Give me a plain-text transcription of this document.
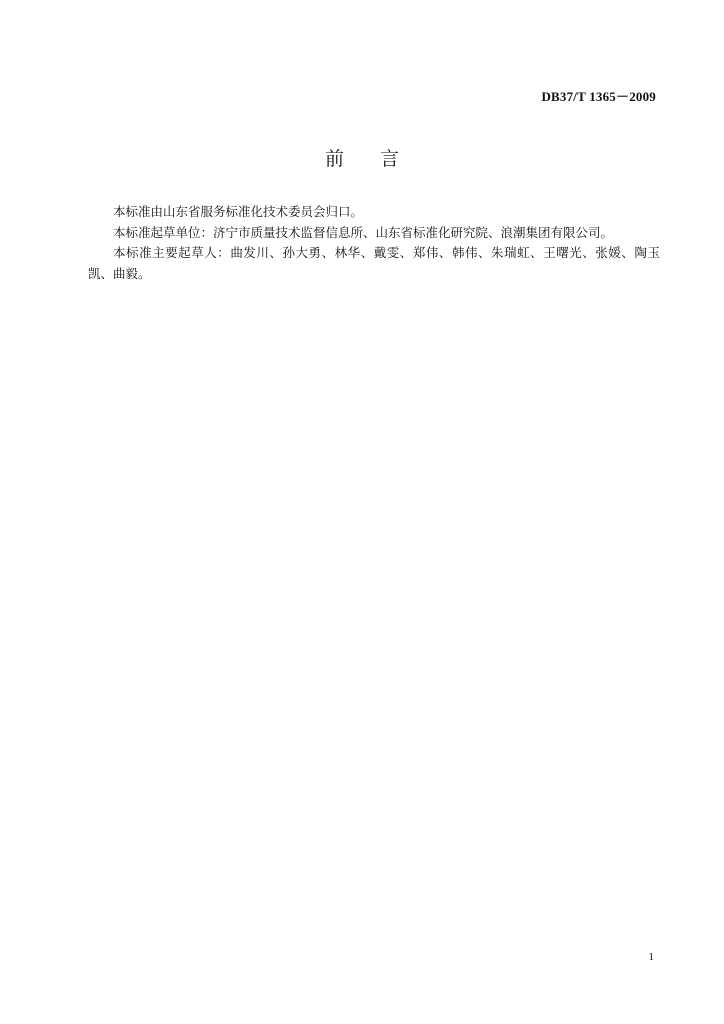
DB37/T 1365－2009
前言

本标准由山东省服务标准化技术委员会归口。

本标准起草单位：济宁市质量技术监督信息所、山东省标准化研究院、浪潮集团有限公司。

本标准主要起草人：曲发川、孙大勇、林华、戴雯、郑伟、韩伟、朱瑞虹、王曙光、张媛、陶玉凯、曲毅。

1
